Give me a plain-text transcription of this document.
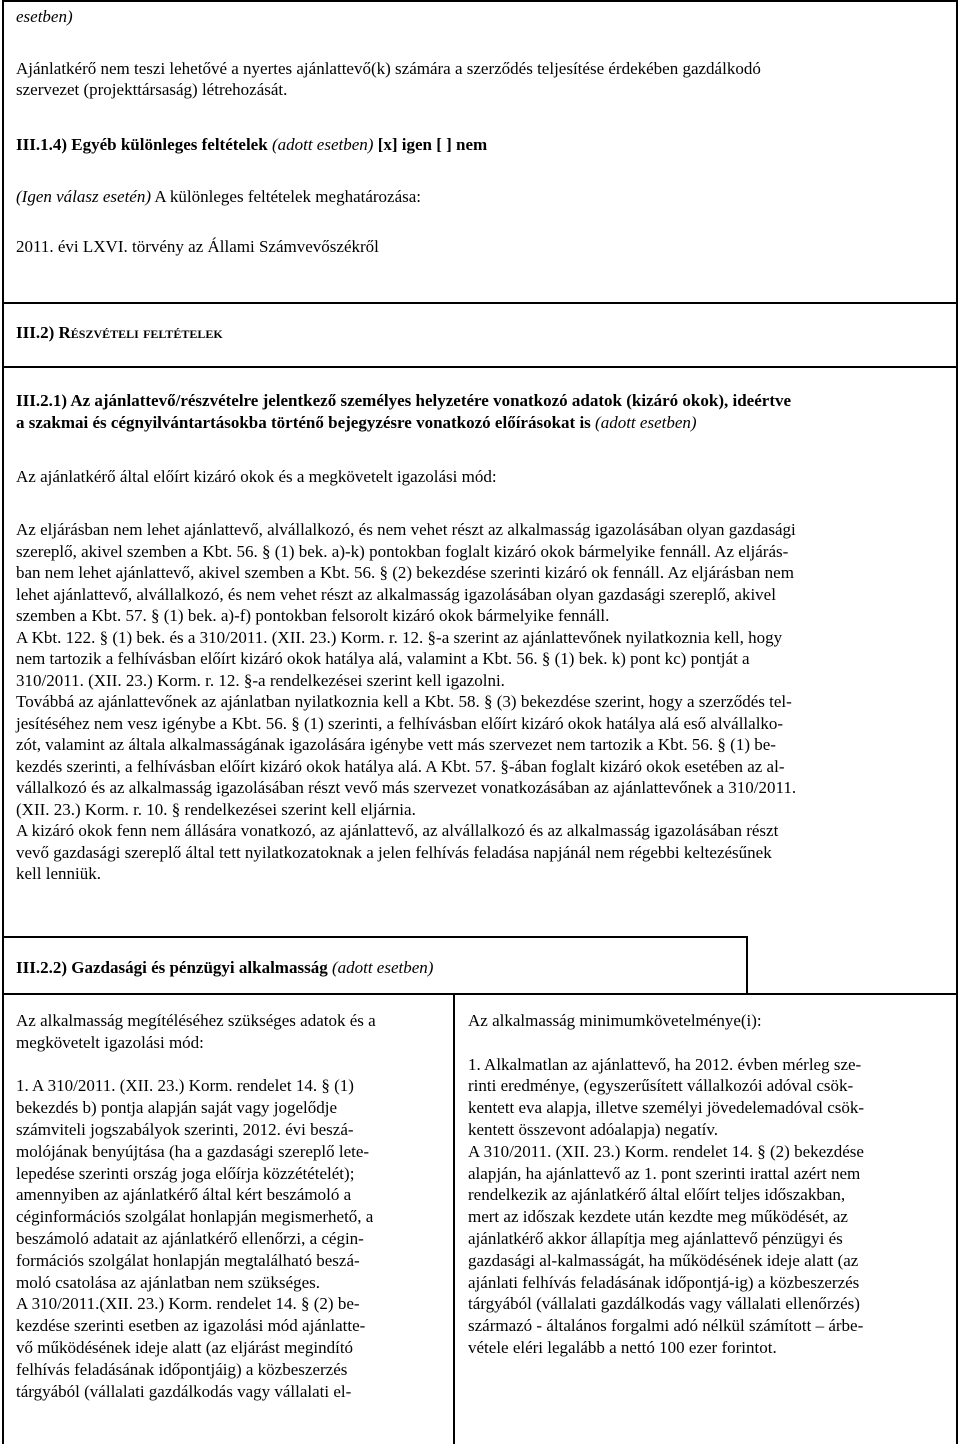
esetben)

Ajánlatkérő nem teszi lehetővé a nyertes ajánlattevő(k) számára a szerződés teljesítése érdekében gazdálkodó

szervezet (projekttársaság) létrehozását.

III.1.4) Egyéb különleges feltételek (adott esetben) [x] igen [ ] nem

(Igen válasz esetén) A különleges feltételek meghatározása:

2011. évi LXVI. törvény az Állami Számvevőszékről

III.2) Részvételi feltételek

III.2.1) Az ajánlattevő/részvételre jelentkező személyes helyzetére vonatkozó adatok (kizáró okok), ideértve

a szakmai és cégnyilvántartásokba történő bejegyzésre vonatkozó előírásokat is (adott esetben)

Az ajánlatkérő által előírt kizáró okok és a megkövetelt igazolási mód:

Az eljárásban nem lehet ajánlattevő, alvállalkozó, és nem vehet részt az alkalmasság igazolásában olyan gazdasági
szereplő, akivel szemben a Kbt. 56. § (1) bek. a)-k) pontokban foglalt kizáró okok bármelyike fennáll. Az eljárás-
ban nem lehet ajánlattevő, akivel szemben a Kbt. 56. § (2) bekezdése szerinti kizáró ok fennáll. Az eljárásban nem
lehet ajánlattevő, alvállalkozó, és nem vehet részt az alkalmasság igazolásában olyan gazdasági szereplő, akivel
szemben a Kbt. 57. § (1) bek. a)-f) pontokban felsorolt kizáró okok bármelyike fennáll.
A Kbt. 122. § (1) bek. és a 310/2011. (XII. 23.) Korm. r. 12. §-a szerint az ajánlattevőnek nyilatkoznia kell, hogy
nem tartozik a felhívásban előírt kizáró okok hatálya alá, valamint a Kbt. 56. § (1) bek. k) pont kc) pontját a
310/2011. (XII. 23.) Korm. r. 12. §-a rendelkezései szerint kell igazolni.
Továbbá az ajánlattevőnek az ajánlatban nyilatkoznia kell a Kbt. 58. § (3) bekezdése szerint, hogy a szerződés tel-
jesítéséhez nem vesz igénybe a Kbt. 56. § (1) szerinti, a felhívásban előírt kizáró okok hatálya alá eső alvállalko-
zót, valamint az általa alkalmasságának igazolására igénybe vett más szervezet nem tartozik a Kbt. 56. § (1) be-
kezdés szerinti, a felhívásban előírt kizáró okok hatálya alá. A Kbt. 57. §-ában foglalt kizáró okok esetében az al-
vállalkozó és az alkalmasság igazolásában részt vevő más szervezet vonatkozásában az ajánlattevőnek a 310/2011.
(XII. 23.) Korm. r. 10. § rendelkezései szerint kell eljárnia.
A kizáró okok fenn nem állására vonatkozó, az ajánlattevő, az alvállalkozó és az alkalmasság igazolásában részt
vevő gazdasági szereplő által tett nyilatkozatoknak a jelen felhívás feladása napjánál nem régebbi keltezésűnek
kell lenniük.

III.2.2) Gazdasági és pénzügyi alkalmasság (adott esetben)

Az alkalmasság megítéléséhez szükséges adatok és a
megkövetelt igazolási mód:
1. A 310/2011. (XII. 23.) Korm. rendelet 14. § (1)
bekezdés b) pontja alapján saját vagy jogelődje
számviteli jogszabályok szerinti, 2012. évi beszá-
molójának benyújtása (ha a gazdasági szereplő lete-
lepedése szerinti ország joga előírja közzétételét);
amennyiben az ajánlatkérő által kért beszámoló a
céginformációs szolgálat honlapján megismerhető, a
beszámoló adatait az ajánlatkérő ellenőrzi, a cégin-
formációs szolgálat honlapján megtalálható beszá-
moló csatolása az ajánlatban nem szükséges.
A 310/2011.(XII. 23.) Korm. rendelet 14. § (2) be-
kezdése szerinti esetben az igazolási mód ajánlatte-
vő működésének ideje alatt (az eljárást megindító
felhívás feladásának időpontjáig) a közbeszerzés
tárgyából (vállalati gazdálkodás vagy vállalati el-
Az alkalmasság minimumkövetelménye(i):
1. Alkalmatlan az ajánlattevő, ha 2012. évben mérleg sze-
rinti eredménye, (egyszerűsített vállalkozói adóval csök-
kentett eva alapja, illetve személyi jövedelemadóval csök-
kentett összevont adóalapja) negatív.
A 310/2011. (XII. 23.) Korm. rendelet 14. § (2) bekezdése
alapján, ha ajánlattevő az 1. pont szerinti irattal azért nem
rendelkezik az ajánlatkérő által előírt teljes időszakban,
mert az időszak kezdete után kezdte meg működését, az
ajánlatkérő akkor állapítja meg ajánlattevő pénzügyi és
gazdasági al-kalmasságát, ha működésének ideje alatt (az
ajánlati felhívás feladásának időpontjá-ig) a közbeszerzés
tárgyából (vállalati gazdálkodás vagy vállalati ellenőrzés)
származó - általános forgalmi adó nélkül számított – árbe-
vétele eléri legalább a nettó 100 ezer forintot.
